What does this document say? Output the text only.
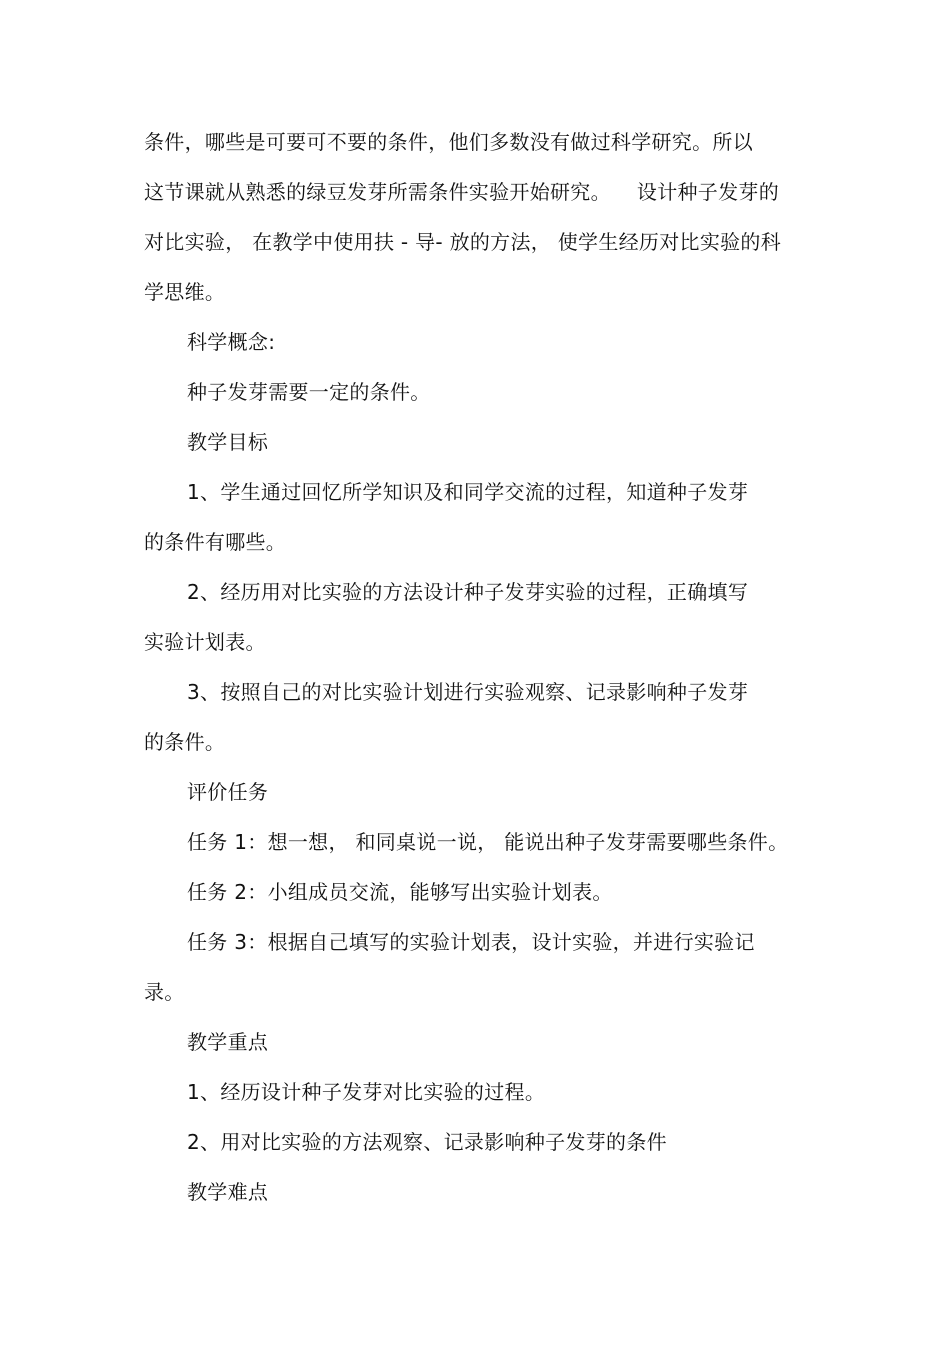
条件，哪些是可要可不要的条件，他们多数没有做过科学研究。所以
这节课就从熟悉的绿豆发芽所需条件实验开始研究。 设计种子发芽的
对比实验， 在教学中使用扶 - 导- 放的方法， 使学生经历对比实验的科
学思维。
科学概念:
种子发芽需要一定的条件。
教学目标
1、学生通过回忆所学知识及和同学交流的过程，知道种子发芽
的条件有哪些。
2、经历用对比实验的方法设计种子发芽实验的过程，正确填写
实验计划表。
3、按照自己的对比实验计划进行实验观察、记录影响种子发芽
的条件。
评价任务
任务 1：想一想， 和同桌说一说， 能说出种子发芽需要哪些条件。
任务 2：小组成员交流，能够写出实验计划表。
任务 3：根据自己填写的实验计划表，设计实验，并进行实验记
录。
教学重点
1、经历设计种子发芽对比实验的过程。
2、用对比实验的方法观察、记录影响种子发芽的条件
教学难点
